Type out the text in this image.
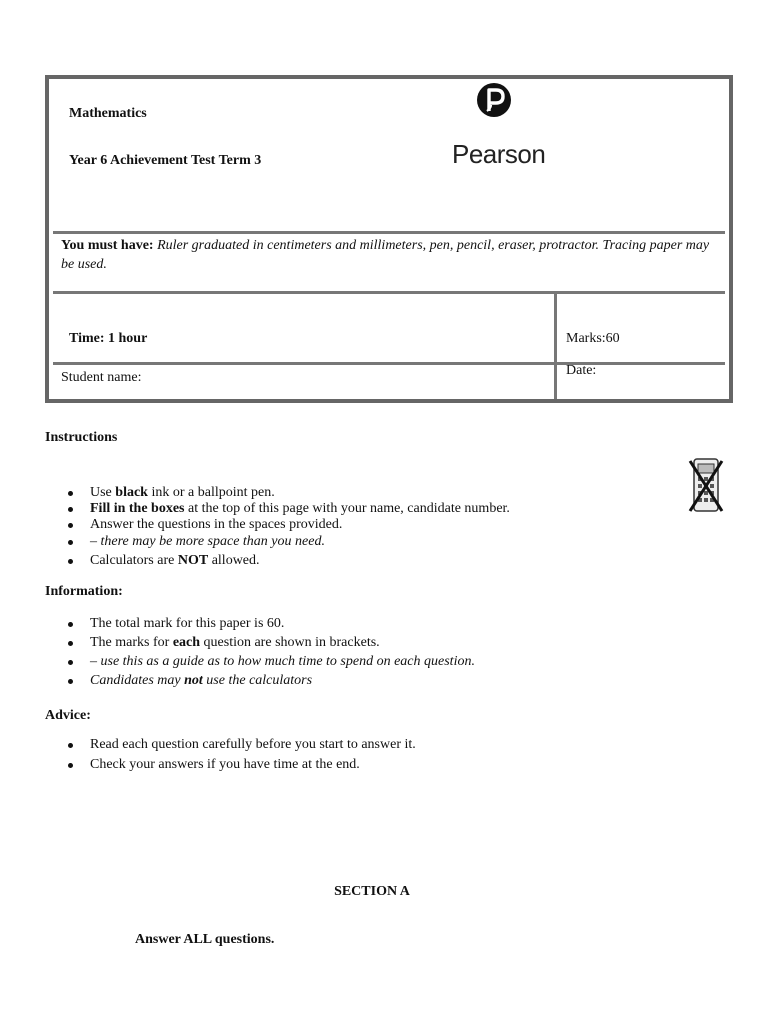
Mathematics
Year 6 Achievement Test Term 3	Pearson
You must have: Ruler graduated in centimeters and millimeters, pen, pencil, eraser, protractor. Tracing paper may be used.
Time: 1 hour	Marks:60
Student name:	Date:
Instructions
Use black ink or a ballpoint pen.
Fill in the boxes at the top of this page with your name, candidate number.
Answer the questions in the spaces provided.
– there may be more space than you need.
Calculators are NOT allowed.
Information:
The total mark for this paper is 60.
The marks for each question are shown in brackets.
– use this as a guide as to how much time to spend on each question.
Candidates may not use the calculators
Advice:
Read each question carefully before you start to answer it.
Check your answers if you have time at the end.
SECTION A
Answer ALL questions.
